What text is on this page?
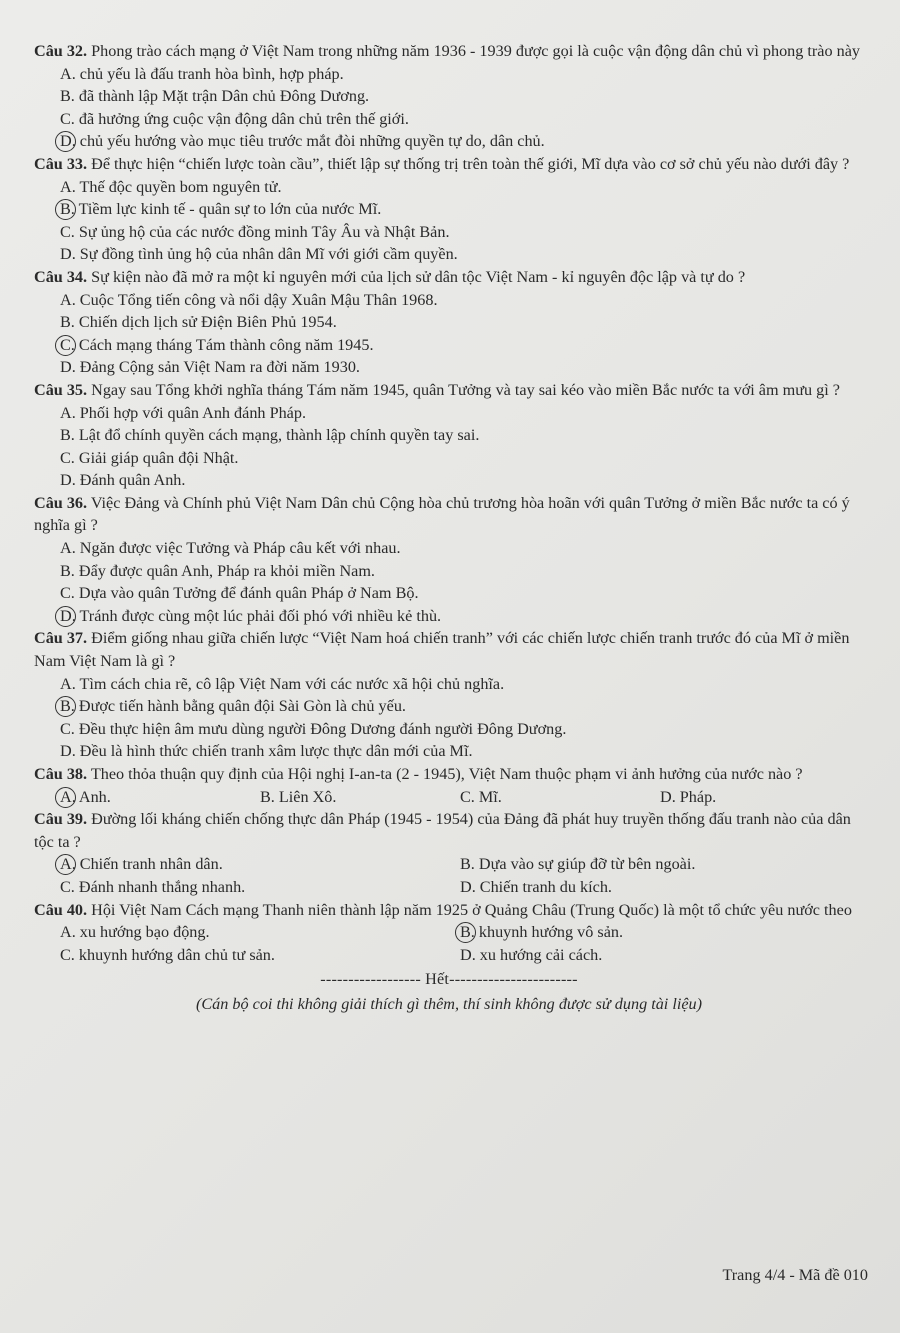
Câu 32. Phong trào cách mạng ở Việt Nam trong những năm 1936 - 1939 được gọi là cuộc vận động dân chủ vì phong trào này

A. chủ yếu là đấu tranh hòa bình, hợp pháp.
B. đã thành lập Mặt trận Dân chủ Đông Dương.
C. đã hưởng ứng cuộc vận động dân chủ trên thế giới.
D. chủ yếu hướng vào mục tiêu trước mắt đòi những quyền tự do, dân chủ.

Câu 33. Để thực hiện “chiến lược toàn cầu”, thiết lập sự thống trị trên toàn thế giới, Mĩ dựa vào cơ sở chủ yếu nào dưới đây ?

A. Thế độc quyền bom nguyên tử.
B. Tiềm lực kinh tế - quân sự to lớn của nước Mĩ.
C. Sự ủng hộ của các nước đồng minh Tây Âu và Nhật Bản.
D. Sự đồng tình ủng hộ của nhân dân Mĩ với giới cầm quyền.

Câu 34. Sự kiện nào đã mở ra một kỉ nguyên mới của lịch sử dân tộc Việt Nam - kỉ nguyên độc lập và tự do ?

A. Cuộc Tổng tiến công và nổi dậy Xuân Mậu Thân 1968.
B. Chiến dịch lịch sử Điện Biên Phủ 1954.
C. Cách mạng tháng Tám thành công năm 1945.
D. Đảng Cộng sản Việt Nam ra đời năm 1930.

Câu 35. Ngay sau Tổng khởi nghĩa tháng Tám năm 1945, quân Tưởng và tay sai kéo vào miền Bắc nước ta với âm mưu gì ?

A. Phối hợp với quân Anh đánh Pháp.
B. Lật đổ chính quyền cách mạng, thành lập chính quyền tay sai.
C. Giải giáp quân đội Nhật.
D. Đánh quân Anh.

Câu 36. Việc Đảng và Chính phủ Việt Nam Dân chủ Cộng hòa chủ trương hòa hoãn với quân Tưởng ở miền Bắc nước ta có ý nghĩa gì ?

A. Ngăn được việc Tưởng và Pháp câu kết với nhau.
B. Đẩy được quân Anh, Pháp ra khỏi miền Nam.
C. Dựa vào quân Tưởng để đánh quân Pháp ở Nam Bộ.
D. Tránh được cùng một lúc phải đối phó với nhiều kẻ thù.

Câu 37. Điểm giống nhau giữa chiến lược “Việt Nam hoá chiến tranh” với các chiến lược chiến tranh trước đó của Mĩ ở miền Nam Việt Nam là gì ?

A. Tìm cách chia rẽ, cô lập Việt Nam với các nước xã hội chủ nghĩa.
B. Được tiến hành bằng quân đội Sài Gòn là chủ yếu.
C. Đều thực hiện âm mưu dùng người Đông Dương đánh người Đông Dương.
D. Đều là hình thức chiến tranh xâm lược thực dân mới của Mĩ.

Câu 38. Theo thỏa thuận quy định của Hội nghị I-an-ta (2 - 1945), Việt Nam thuộc phạm vi ảnh hưởng của nước nào ?

A. Anh.	B. Liên Xô.	C. Mĩ.	D. Pháp.

Câu 39. Đường lối kháng chiến chống thực dân Pháp (1945 - 1954) của Đảng đã phát huy truyền thống đấu tranh nào của dân tộc ta ?

A. Chiến tranh nhân dân.	B. Dựa vào sự giúp đỡ từ bên ngoài.
C. Đánh nhanh thắng nhanh.	D. Chiến tranh du kích.

Câu 40. Hội Việt Nam Cách mạng Thanh niên thành lập năm 1925 ở Quảng Châu (Trung Quốc) là một tổ chức yêu nước theo

A. xu hướng bạo động.	B. khuynh hướng vô sản.
C. khuynh hướng dân chủ tư sản.	D. xu hướng cải cách.
------------------ Hết-----------------------
(Cán bộ coi thi không giải thích gì thêm, thí sinh không được sử dụng tài liệu)
Trang 4/4 - Mã đề 010
